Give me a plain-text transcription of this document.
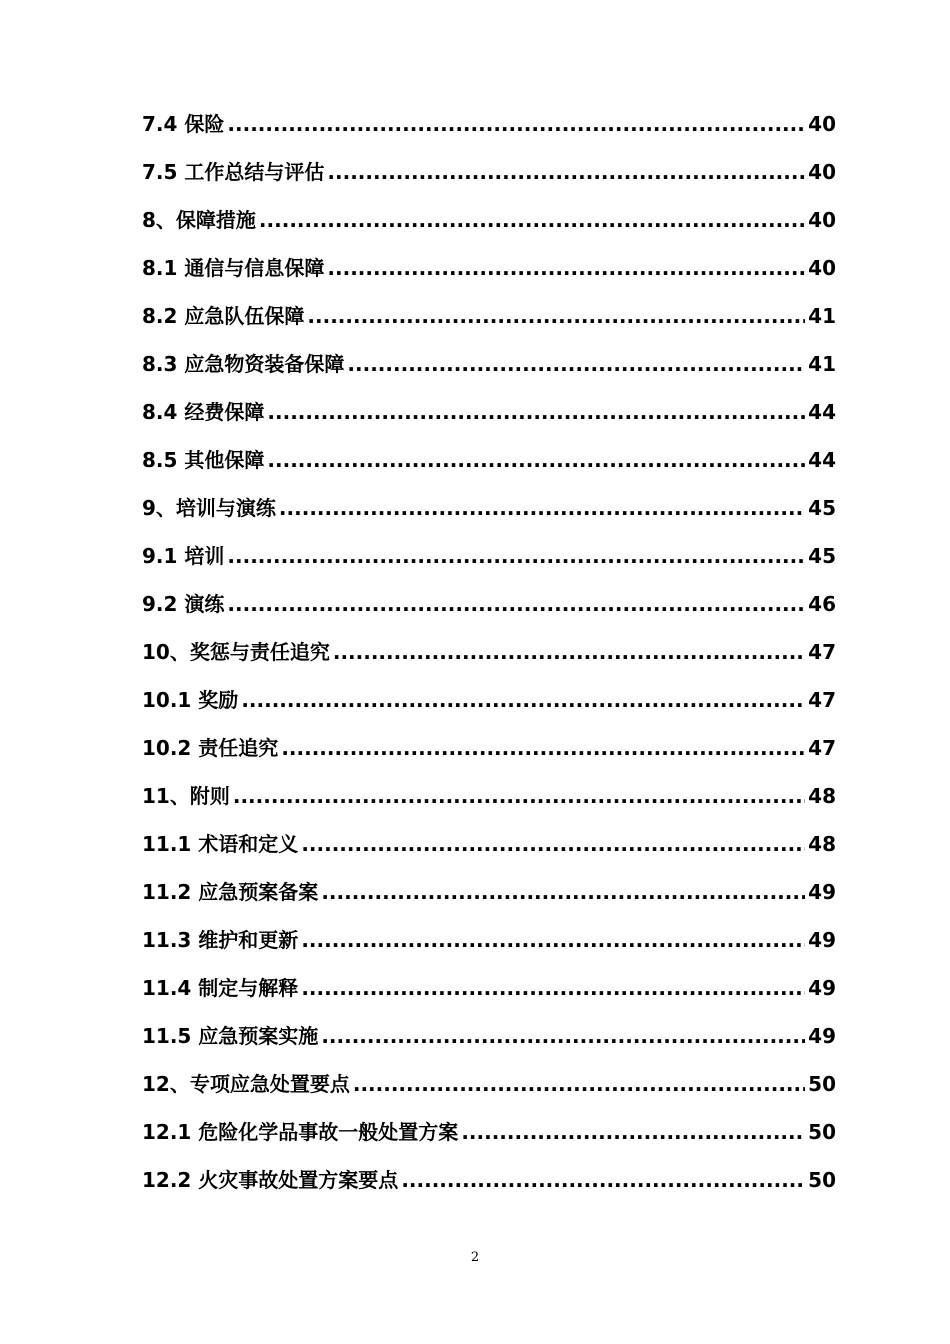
7.4 保险 .....	40
7.5 工作总结与评估 .....	40
8、保障措施 .....	40
8.1 通信与信息保障 .....	40
8.2 应急队伍保障 .....	41
8.3 应急物资装备保障 .....	41
8.4 经费保障 .....	44
8.5 其他保障 .....	44
9、培训与演练 .....	45
9.1 培训 .....	45
9.2 演练 .....	46
10、奖惩与责任追究 .....	47
10.1 奖励 .....	47
10.2 责任追究 .....	47
11、附则 .....	48
11.1 术语和定义 .....	48
11.2 应急预案备案 .....	49
11.3 维护和更新 .....	49
11.4 制定与解释 .....	49
11.5 应急预案实施 .....	49
12、专项应急处置要点 .....	50
12.1 危险化学品事故一般处置方案 .....	50
12.2 火灾事故处置方案要点 .....	50
2
